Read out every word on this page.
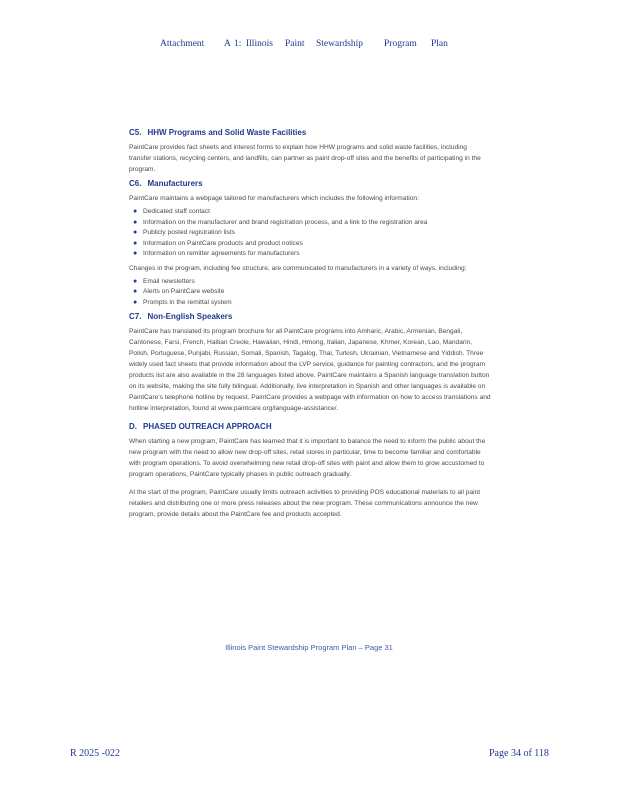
Attachment A 1: Illinois Paint Stewardship Program Plan
C5. HHW Programs and Solid Waste Facilities

PaintCare provides fact sheets and interest forms to explain how HHW programs and solid waste facilities, including transfer stations, recycling centers, and landfills, can partner as paint drop-off sites and the benefits of participating in the program.

C6. Manufacturers

PaintCare maintains a webpage tailored for manufacturers which includes the following information:

● Dedicated staff contact
● Information on the manufacturer and brand registration process, and a link to the registration area
● Publicly posted registration lists
● Information on PaintCare products and product notices
● Information on remitter agreements for manufacturers

Changes in the program, including fee structure, are communicated to manufacturers in a variety of ways, including:

● Email newsletters
● Alerts on PaintCare website
● Prompts in the remittal system
C7. Non-English Speakers

PaintCare has translated its program brochure for all PaintCare programs into Amharic, Arabic, Armenian, Bengali, Cantonese, Farsi, French, Haitian Creole, Hawaiian, Hindi, Hmong, Italian, Japanese, Khmer, Korean, Lao, Mandarin, Polish, Portuguese, Punjabi, Russian, Somali, Spanish, Tagalog, Thai, Turkish, Ukrainian, Vietnamese and Yiddish. Three widely used fact sheets that provide information about the LVP service, guidance for painting contractors, and the program products list are also available in the 28 languages listed above. PaintCare maintains a Spanish language translation button on its website, making the site fully bilingual. Additionally, live interpretation in Spanish and other languages is available on PaintCare's telephone hotline by request. PaintCare provides a webpage with information on how to access translations and hotline interpretation, found at www.paintcare.org/language-assistance/.

D. PHASED OUTREACH APPROACH

When starting a new program, PaintCare has learned that it is important to balance the need to inform the public about the new program with the need to allow new drop-off sites, retail stores in particular, time to become familiar and comfortable with program operations. To avoid overwhelming new retail drop-off sites with paint and allow them to grow accustomed to program operations, PaintCare typically phases in public outreach gradually.

At the start of the program, PaintCare usually limits outreach activities to providing POS educational materials to all paint retailers and distributing one or more press releases about the new program. These communications announce the new program, provide details about the PaintCare fee and products accepted.

Illinois Paint Stewardship Program Plan – Page 31
R 2025 -022	Page 34 of 118
